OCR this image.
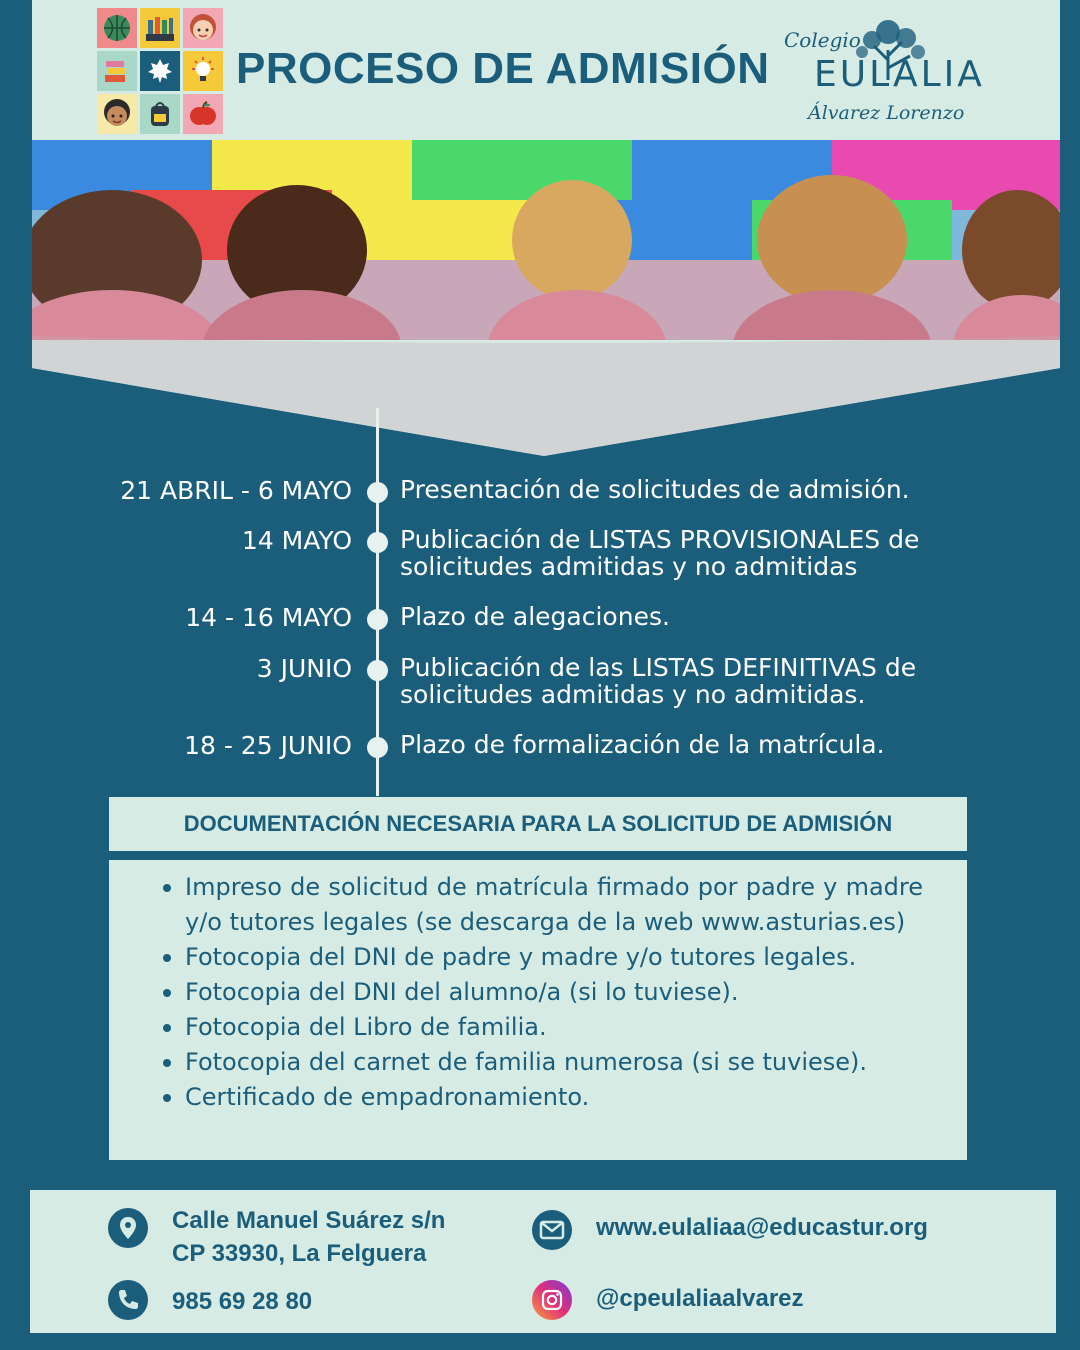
PROCESO DE ADMISIÓN
Colegio
EULALIA
Álvarez Lorenzo
21 ABRIL - 6 MAYO Presentación de solicitudes de admisión.
14 MAYO Publicación de LISTAS PROVISIONALES de solicitudes admitidas y no admitidas
14 - 16 MAYO Plazo de alegaciones.
3 JUNIO Publicación de las LISTAS DEFINITIVAS de solicitudes admitidas y no admitidas.
18 - 25 JUNIO Plazo de formalización de la matrícula.
DOCUMENTACIÓN NECESARIA PARA LA SOLICITUD DE ADMISIÓN
Impreso de solicitud de matrícula firmado por padre y madre y/o tutores legales (se descarga de la web www.asturias.es)
Fotocopia del DNI de padre y madre y/o tutores legales.
Fotocopia del DNI del alumno/a (si lo tuviese).
Fotocopia del Libro de familia.
Fotocopia del carnet de familia numerosa (si se tuviese).
Certificado de empadronamiento.
Calle Manuel Suárez s/n
CP 33930, La Felguera
985 69 28 80
www.eulaliaa@educastur.org
@cpeulaliaalvarez
